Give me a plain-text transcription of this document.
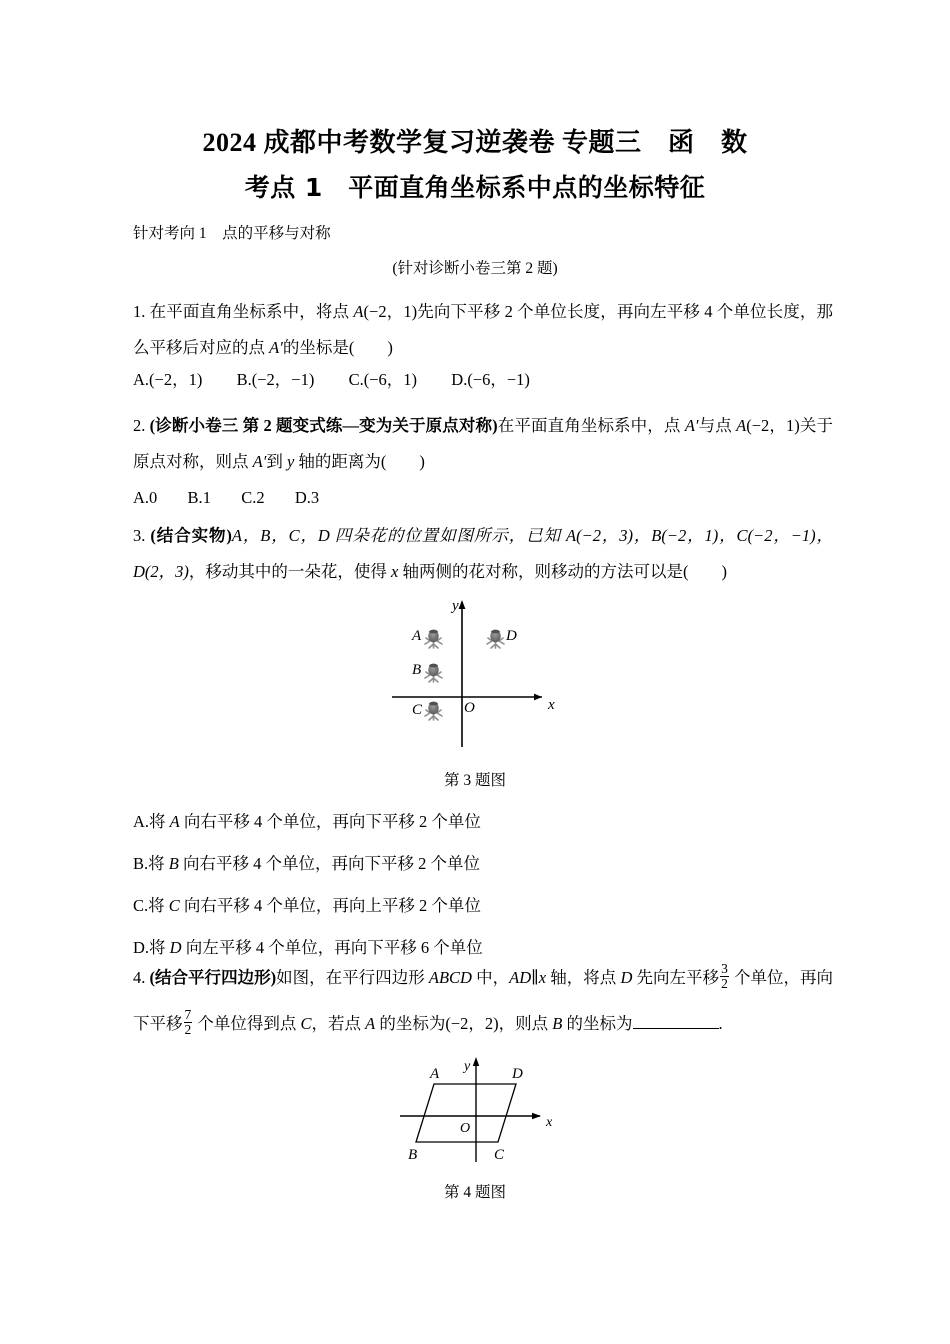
2024 成都中考数学复习逆袭卷 专题三　函　数
考点 1　平面直角坐标系中点的坐标特征
针对考向 1　点的平移与对称
(针对诊断小卷三第 2 题)
1. 在平面直角坐标系中，将点 A(−2，1)先向下平移 2 个单位长度，再向左平移 4 个单位长度，那么平移后对应的点 A′的坐标是(　　)
A.(−2，1) B.(−2，−1) C.(−6，1) D.(−6，−1)
2. (诊断小卷三 第 2 题变式练—变为关于原点对称)在平面直角坐标系中，点 A′与点 A(−2，1)关于原点对称，则点 A′到 y 轴的距离为(　　)
A.0 B.1 C.2 D.3
3. (结合实物)A，B，C，D 四朵花的位置如图所示，已知 A(−2，3)，B(−2，1)，C(−2，−1)，D(2，3)，移动其中的一朵花，使得 x 轴两侧的花对称，则移动的方法可以是(　　)
y
x
O
A
B
C
D
第 3 题图
A.将 A 向右平移 4 个单位，再向下平移 2 个单位
B.将 B 向右平移 4 个单位，再向下平移 2 个单位
C.将 C 向右平移 4 个单位，再向上平移 2 个单位
D.将 D 向左平移 4 个单位，再向下平移 6 个单位
4. (结合平行四边形)如图，在平行四边形 ABCD 中，AD∥x 轴，将点 D 先向左平移 $\frac{3}{2}$ 个单位，再向下平移 $\frac{7}{2}$ 个单位得到点 C，若点 A 的坐标为(−2，2)，则点 B 的坐标为	.
y
x
O
A	D
B	C
第 4 题图
